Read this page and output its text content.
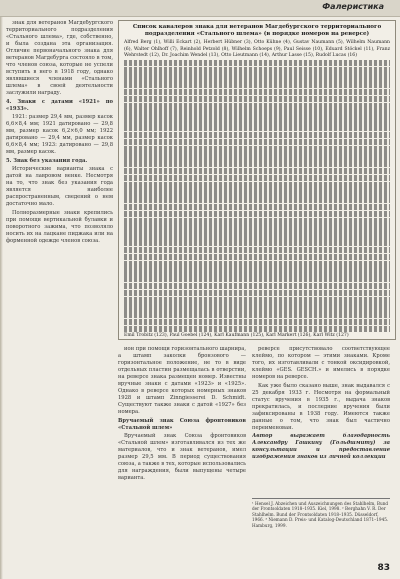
Фалеристика

знак для ветеранов Магдебургского территориального подразделения «Стального шлема», где, собственно, и была создана эта организация. Отличие первоначального знака для ветеранов Магдебурга состояло в том, что членов союза, которые не успели вступить в него в 1918 году, однако являвшиеся членами «Стального шлема» в своей деятельности заслужили награду.

4. Знаки с датами «1921» по «1933».

1921: размер 29,4 мм, размер касок 6,6×8,4 мм; 1921 датировано — 29,8 мм, размер касок 6,2×6,0 мм; 1922 датировано — 29,4 мм, размер касок 6,6×8,4 мм; 1923: датировано — 29,8 мм, размер касок.

5. Знак без указания года.

Исторические варианты знака с датой на лавровом венке. Несмотря на то, что знак без указания года является наиболее распространенным, сведений о нем достаточно мало.

Полноразмерные знаки крепились при помощи вертикальной булавки и поворотного зажима, что позволяло носить их на лацкане пиджака или на форменной одежде членов союза.

Список кавалеров знака для ветеранов Магдебургского территориального подразделения «Стального шлема» (в порядке номеров на реверсе)
Alfred Berg (1), Willi Eckart (2), Herbert Hübner (3), Otto Kühne (4), Gustav Naumann (5), Wilhelm Naumann (6), Walter Ohlhoff (7), Reinhold Petzold (8), Wilhelm Schoeps (9), Paul Seisse (10), Eduard Stöckel (11), Franz Wehrstedt (12), Dr. Joachim Wendel (13), Otto Lieutmann (14), Arthur Lasse (15), Rudolf Lucas (16)
Emil Trobitz (123), Paul Goebel (124), Karl Kaufmann (125), Karl Markert (126), Karl Witz (127)

ион при помощи горизонтального шарнира, а штамп заколки бронзового — горизонтальное положение, не то в виде отдельных пластин размещалась в отверстии, на реверсе знака размещен номер. Известны вручные знаки с датами «1923» и «1925». Однако в реверсе которых номерных знаков 1928 и штамп Zinngiesserei D. Schmidt. Существуют также знаки с датой «1927» без номера.

Вручаемый знак Союза фронтовиков «Стальной шлем»

Вручаемый знак Союза фронтовиков «Стальной шлем» изготавливался из тех же материалов, что и знак ветеранов, имел размер 29,5 мм. В период существования союза, а также в тех, которые использовались для награждения, были выпущены четыре варианта.

реверсе присутствовало соответствующее клеймо, по котором — этими знаками. Кроме того, их изготавливали с тонкой оксидировкой, клеймо «GES. GESCH.» и имелись в порядке номеров на реверсе.

Как уже было сказано выше, знак выдавался с 25 декабря 1933 г. Несмотря на формальный статус вручения в 1935 г., выдача знаков прекратилась, и последние вручения были зафиксированы в 1938 году. Имеются также данные о том, что знак был частично переименован.

Автор выражает благодарность Александру Гашкину (Гольдшмиту) за консультации и предоставление изображения знаков из личной коллекции

¹ Hensel J. Abzeichen und Auszeichnungen des Stahlhelm, Bund der Frontsoldaten 1918–1935. Kiel, 1998. ² Berghahn V. R. Der Stahlhelm. Bund der Frontsoldaten 1918–1935. Düsseldorf, 1966. ³ Niemann D. Preis- und Katalog-Deutschland 1871–1945. Hamburg, 1999.
83
